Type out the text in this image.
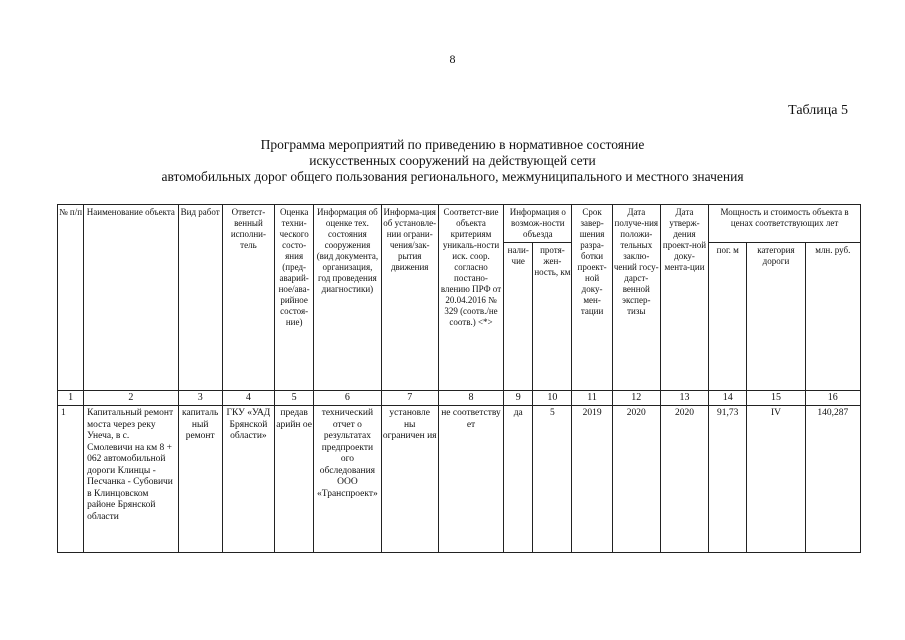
8
Таблица 5
Программа мероприятий по приведению в нормативное состояние
искусственных сооружений на действующей сети
автомобильных дорог общего пользования регионального, межмуниципального и местного значения
№ п/п	Наименование объекта	Вид работ	Ответст-венный исполни-тель	Оценка техни-ческого состо-яния (пред-аварий-ное/ава-рийное состоя-ние)	Информация об оценке тех. состояния сооружения (вид документа, организация, год проведения диагностики)	Информа-ция об установле-нии ограни-чения/зак-рытия движения	Соответст-вие объекта критериям уникаль-ности иск. соор. согласно постано-влению ПРФ от 20.04.2016 № 329 (соотв./не соотв.) <*>	Информация о возмож-ности объезда		Срок завер-шения разра-ботки проект-ной доку-мен-тации	Дата получе-ния положи-тельных заклю-чений госу-дарст-венной экспер-тизы	Дата утверж-дения проект-ной доку-мента-ции	Мощность и стоимость объекта в ценах соответствующих лет		
								нали-чие	протя-жен-ность, км				пог. м	категория дороги	млн. руб.
1	2	3	4	5	6	7	8	9	10	11	12	13	14	15	16
1	Капитальный ремонт моста через реку Унеча, в с. Смолевичи на км 8 + 062 автомобильной дороги Клинцы - Песчанка - Субовичи в Клинцовском районе Брянской области	капиталь ный ремонт	ГКУ «УАД Брянской области»	предав арийн ое	технический отчет о результатах предпроекти ого обследования ООО «Транспроект»	установле ны ограничен ия	не соответству ет	да	5	2019	2020	2020	91,73	IV	140,287
